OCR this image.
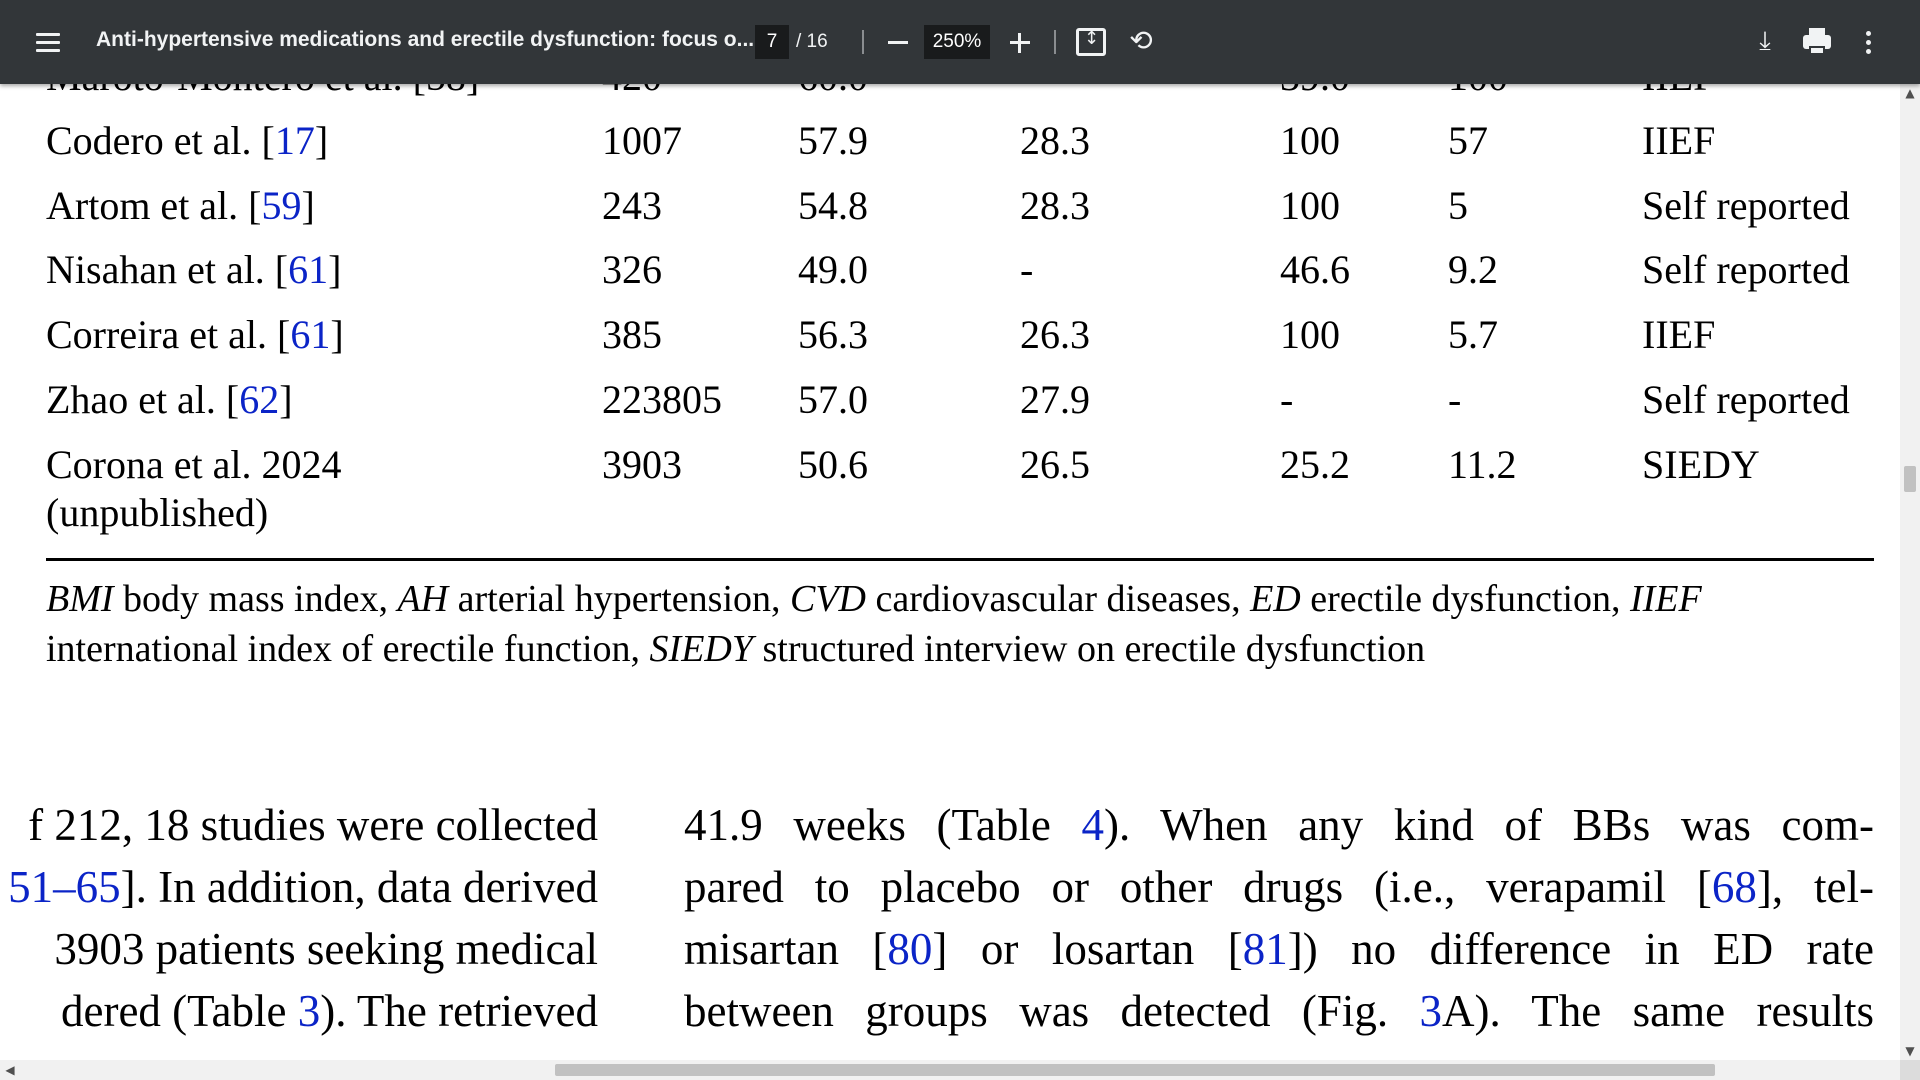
Anti-hypertensive medications and erectile dysfunction: focus o... 7 / 16	250%
↕	⟲	⤓
Codero et al. [17]	1007	57.9	28.3	100	57	IIEF
Artom et al. [59]	243	54.8	28.3	100	5	Self reported
Nisahan et al. [61]	326	49.0	-	46.6 9.2	Self reported
Correira et al. [61]	385	56.3	26.3	100	5.7	IIEF
Zhao et al. [62]	223805 57.0	27.9	-	-	Self reported
Corona et al. 2024
(unpublished)
3903	50.6	26.5	25.2 11.2	SIEDY
BMI body mass index, AH arterial hypertension, CVD cardiovascular diseases, ED erectile dysfunction, IIEF
international index of erectile function, SIEDY structured interview on erectile dysfunction
f 212, 18 studies were collected
51–65]. In addition, data derived
3903 patients seeking medical
dered (Table 3). The retrieved
41.9 weeks (Table 4). When any kind of BBs was com-
pared to placebo or other drugs (i.e., verapamil [68], tel-
misartan [80] or losartan [81]) no difference in ED rate
between groups was detected (Fig. 3A). The same results
▲
▼
◀
